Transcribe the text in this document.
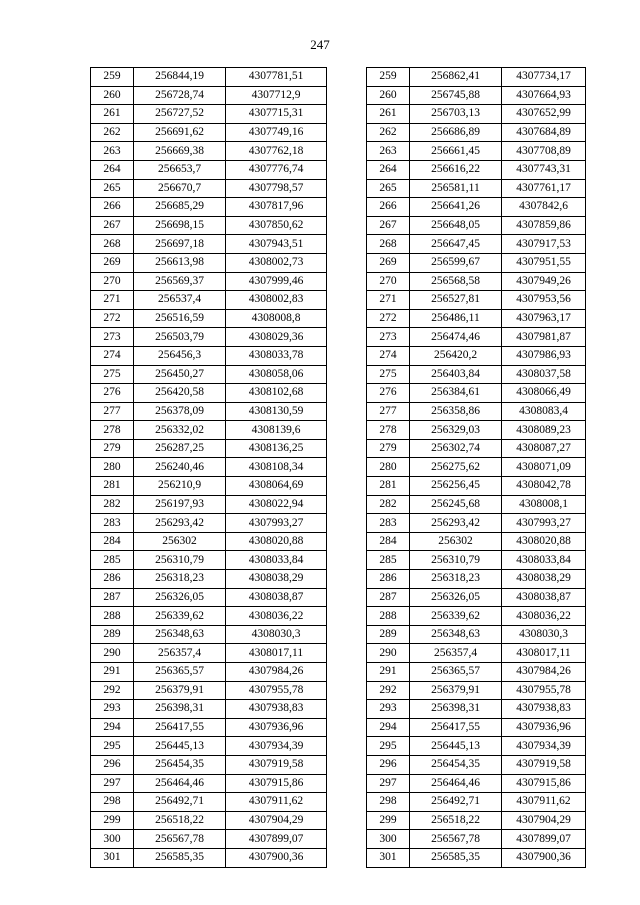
247
259	256844,19	4307781,51
260	256728,74	4307712,9
261	256727,52	4307715,31
262	256691,62	4307749,16
263	256669,38	4307762,18
264	256653,7	4307776,74
265	256670,7	4307798,57
266	256685,29	4307817,96
267	256698,15	4307850,62
268	256697,18	4307943,51
269	256613,98	4308002,73
270	256569,37	4307999,46
271	256537,4	4308002,83
272	256516,59	4308008,8
273	256503,79	4308029,36
274	256456,3	4308033,78
275	256450,27	4308058,06
276	256420,58	4308102,68
277	256378,09	4308130,59
278	256332,02	4308139,6
279	256287,25	4308136,25
280	256240,46	4308108,34
281	256210,9	4308064,69
282	256197,93	4308022,94
283	256293,42	4307993,27
284	256302	4308020,88
285	256310,79	4308033,84
286	256318,23	4308038,29
287	256326,05	4308038,87
288	256339,62	4308036,22
289	256348,63	4308030,3
290	256357,4	4308017,11
291	256365,57	4307984,26
292	256379,91	4307955,78
293	256398,31	4307938,83
294	256417,55	4307936,96
295	256445,13	4307934,39
296	256454,35	4307919,58
297	256464,46	4307915,86
298	256492,71	4307911,62
299	256518,22	4307904,29
300	256567,78	4307899,07
301	256585,35	4307900,36
259	256862,41	4307734,17
260	256745,88	4307664,93
261	256703,13	4307652,99
262	256686,89	4307684,89
263	256661,45	4307708,89
264	256616,22	4307743,31
265	256581,11	4307761,17
266	256641,26	4307842,6
267	256648,05	4307859,86
268	256647,45	4307917,53
269	256599,67	4307951,55
270	256568,58	4307949,26
271	256527,81	4307953,56
272	256486,11	4307963,17
273	256474,46	4307981,87
274	256420,2	4307986,93
275	256403,84	4308037,58
276	256384,61	4308066,49
277	256358,86	4308083,4
278	256329,03	4308089,23
279	256302,74	4308087,27
280	256275,62	4308071,09
281	256256,45	4308042,78
282	256245,68	4308008,1
283	256293,42	4307993,27
284	256302	4308020,88
285	256310,79	4308033,84
286	256318,23	4308038,29
287	256326,05	4308038,87
288	256339,62	4308036,22
289	256348,63	4308030,3
290	256357,4	4308017,11
291	256365,57	4307984,26
292	256379,91	4307955,78
293	256398,31	4307938,83
294	256417,55	4307936,96
295	256445,13	4307934,39
296	256454,35	4307919,58
297	256464,46	4307915,86
298	256492,71	4307911,62
299	256518,22	4307904,29
300	256567,78	4307899,07
301	256585,35	4307900,36
